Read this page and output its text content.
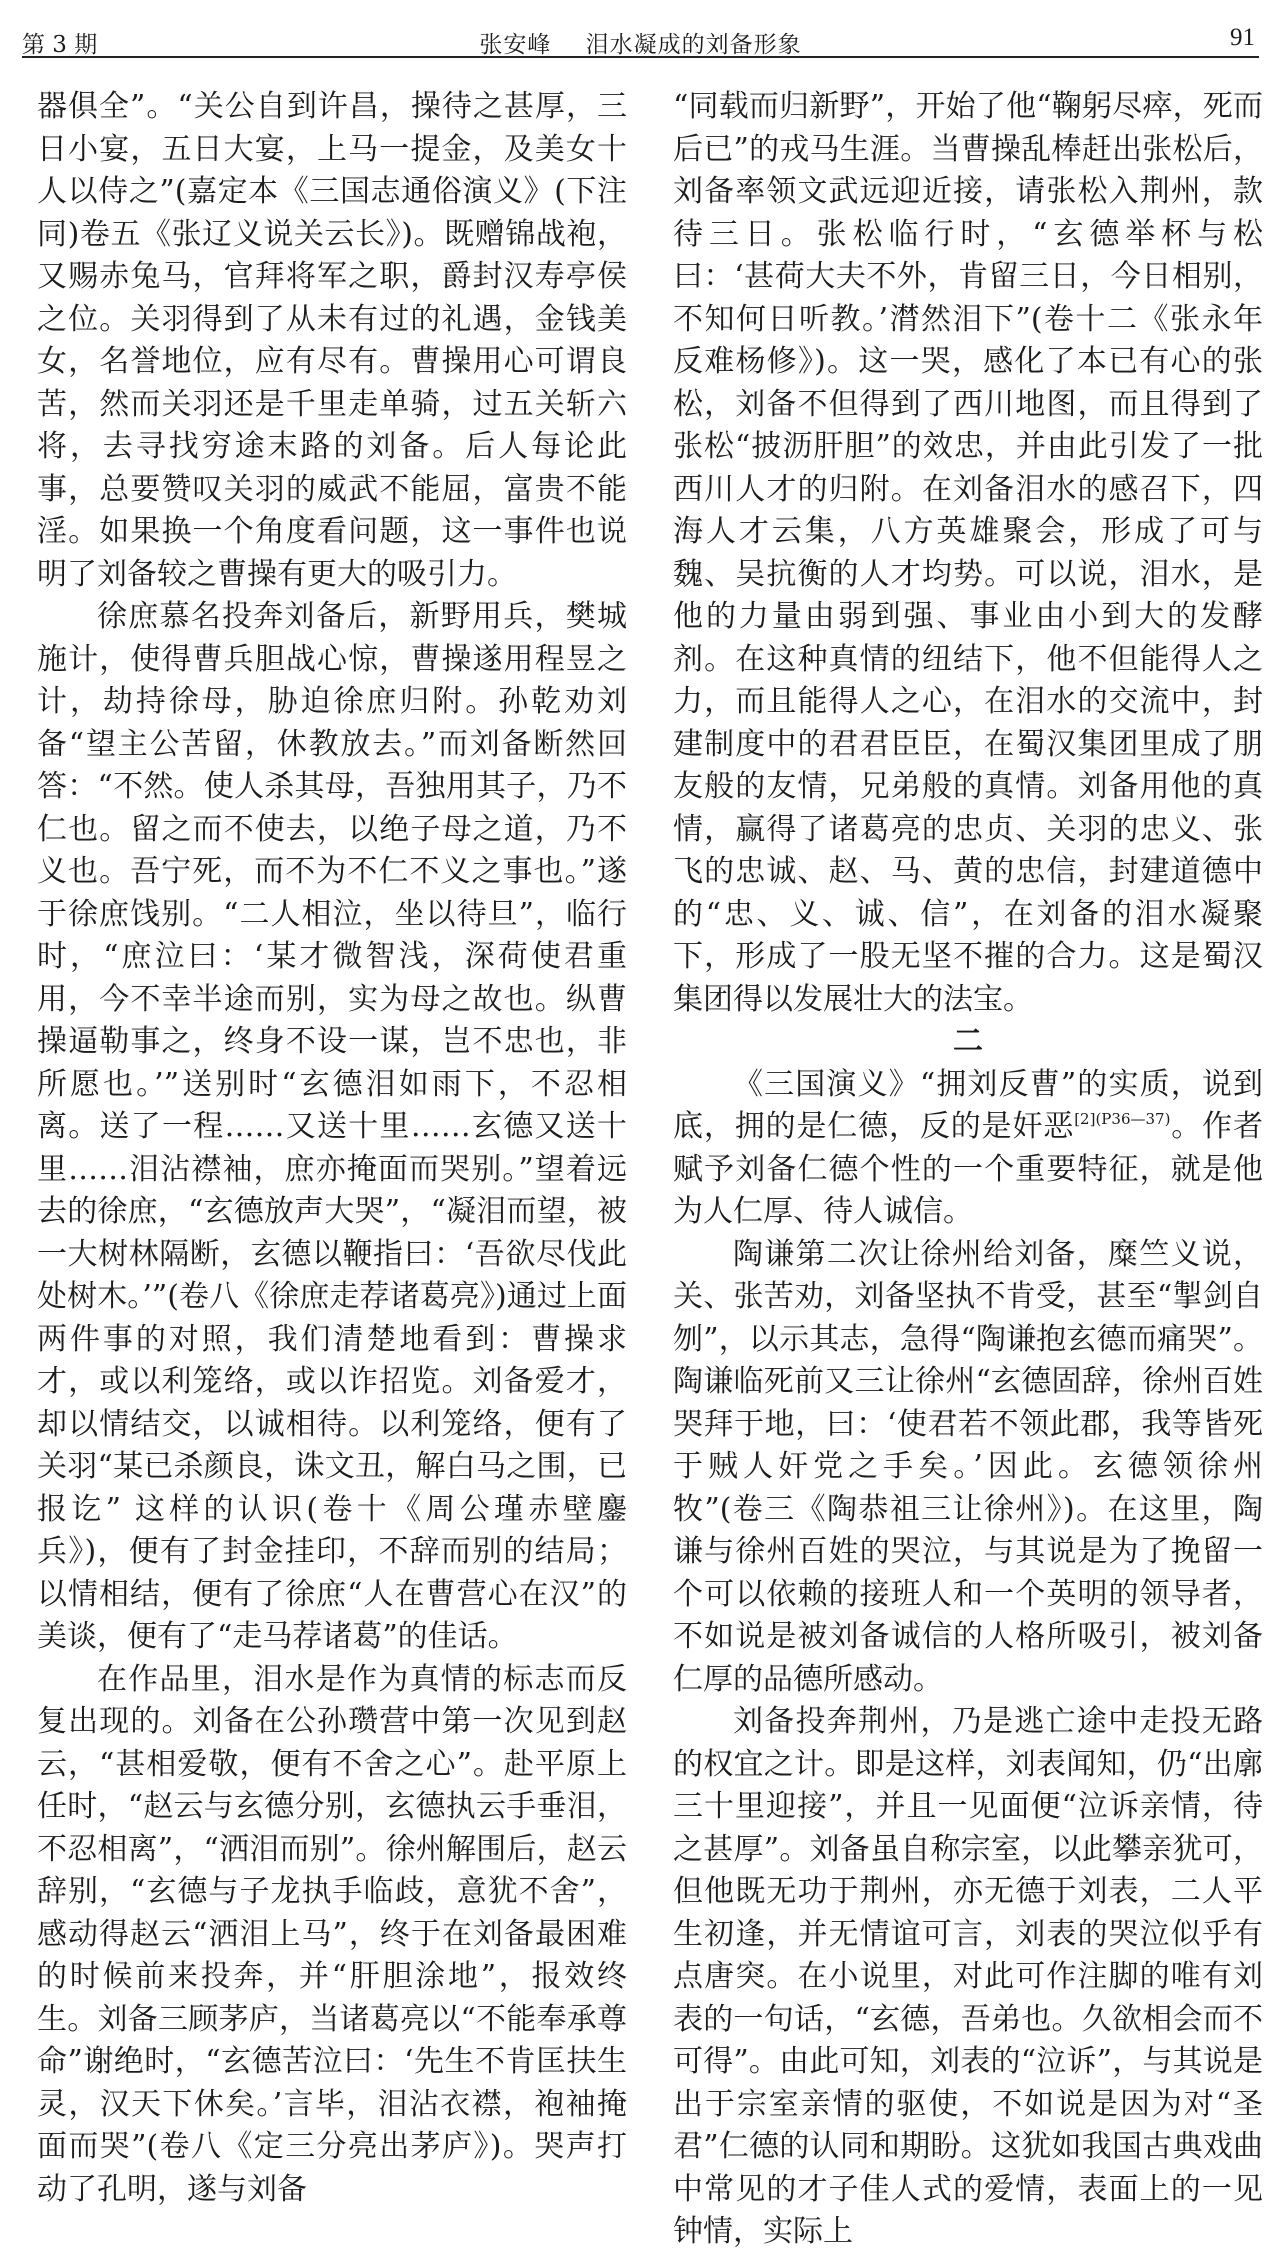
第 3 期	张安峰 泪水凝成的刘备形象	91

器俱全”。“关公自到许昌，操待之甚厚，三日小宴，五日大宴，上马一提金，及美女十人以侍之”(嘉定本《三国志通俗演义》(下注同)卷五《张辽义说关云长》)。既赠锦战袍，又赐赤兔马，官拜将军之职，爵封汉寿亭侯之位。关羽得到了从未有过的礼遇，金钱美女，名誉地位，应有尽有。曹操用心可谓良苦，然而关羽还是千里走单骑，过五关斩六将，去寻找穷途末路的刘备。后人每论此事，总要赞叹关羽的威武不能屈，富贵不能淫。如果换一个角度看问题，这一事件也说明了刘备较之曹操有更大的吸引力。

徐庶慕名投奔刘备后，新野用兵，樊城施计，使得曹兵胆战心惊，曹操遂用程昱之计，劫持徐母，胁迫徐庶归附。孙乾劝刘备“望主公苦留，休教放去。”而刘备断然回答：“不然。使人杀其母，吾独用其子，乃不仁也。留之而不使去，以绝子母之道，乃不义也。吾宁死，而不为不仁不义之事也。”遂于徐庶饯别。“二人相泣，坐以待旦”，临行时，“庶泣曰：‘某才微智浅，深荷使君重用，今不幸半途而别，实为母之故也。纵曹操逼勒事之，终身不设一谋，岂不忠也，非所愿也。’”送别时“玄德泪如雨下，不忍相离。送了一程……又送十里……玄德又送十里……泪沾襟袖，庶亦掩面而哭别。”望着远去的徐庶，“玄德放声大哭”，“凝泪而望，被一大树林隔断，玄德以鞭指曰：‘吾欲尽伐此处树木。’”(卷八《徐庶走荐诸葛亮》)通过上面两件事的对照，我们清楚地看到：曹操求才，或以利笼络，或以诈招览。刘备爱才，却以情结交，以诚相待。以利笼络，便有了关羽“某已杀颜良，诛文丑，解白马之围，已报讫” 这样的认识(卷十《周公瑾赤壁鏖兵》)，便有了封金挂印，不辞而别的结局；以情相结，便有了徐庶“人在曹营心在汉”的美谈，便有了“走马荐诸葛”的佳话。

在作品里，泪水是作为真情的标志而反复出现的。刘备在公孙瓒营中第一次见到赵云，“甚相爱敬，便有不舍之心”。赴平原上任时，“赵云与玄德分别，玄德执云手垂泪，不忍相离”，“洒泪而别”。徐州解围后，赵云辞别，“玄德与子龙执手临歧，意犹不舍”，感动得赵云“洒泪上马”，终于在刘备最困难的时候前来投奔，并“肝胆涂地”，报效终生。刘备三顾茅庐，当诸葛亮以“不能奉承尊命”谢绝时，“玄德苦泣曰：‘先生不肯匡扶生灵，汉天下休矣。’言毕，泪沾衣襟，袍袖掩面而哭”(卷八《定三分亮出茅庐》)。哭声打动了孔明，遂与刘备

“同载而归新野”，开始了他“鞠躬尽瘁，死而后已”的戎马生涯。当曹操乱棒赶出张松后，刘备率领文武远迎近接，请张松入荆州，款待三日。张松临行时，“玄德举杯与松曰：‘甚荷大夫不外，肯留三日，今日相别，不知何日听教。’潸然泪下”(卷十二《张永年反难杨修》)。这一哭，感化了本已有心的张松，刘备不但得到了西川地图，而且得到了张松“披沥肝胆”的效忠，并由此引发了一批西川人才的归附。在刘备泪水的感召下，四海人才云集，八方英雄聚会，形成了可与魏、吴抗衡的人才均势。可以说，泪水，是他的力量由弱到强、事业由小到大的发酵剂。在这种真情的纽结下，他不但能得人之力，而且能得人之心，在泪水的交流中，封建制度中的君君臣臣，在蜀汉集团里成了朋友般的友情，兄弟般的真情。刘备用他的真情，赢得了诸葛亮的忠贞、关羽的忠义、张飞的忠诚、赵、马、黄的忠信，封建道德中的“忠、义、诚、信”，在刘备的泪水凝聚下，形成了一股无坚不摧的合力。这是蜀汉集团得以发展壮大的法宝。

二

《三国演义》“拥刘反曹”的实质，说到底，拥的是仁德，反的是奸恶$^{[2](P36—37)}$。作者赋予刘备仁德个性的一个重要特征，就是他为人仁厚、待人诚信。

陶谦第二次让徐州给刘备，糜竺义说，关、张苦劝，刘备坚执不肯受，甚至“掣剑自刎”，以示其志，急得“陶谦抱玄德而痛哭”。陶谦临死前又三让徐州“玄德固辞，徐州百姓哭拜于地，曰：‘使君若不领此郡，我等皆死于贼人奸党之手矣。’因此。玄德领徐州牧”(卷三《陶恭祖三让徐州》)。在这里，陶谦与徐州百姓的哭泣，与其说是为了挽留一个可以依赖的接班人和一个英明的领导者，不如说是被刘备诚信的人格所吸引，被刘备仁厚的品德所感动。

刘备投奔荆州，乃是逃亡途中走投无路的权宜之计。即是这样，刘表闻知，仍“出廓三十里迎接”，并且一见面便“泣诉亲情，待之甚厚”。刘备虽自称宗室，以此攀亲犹可，但他既无功于荆州，亦无德于刘表，二人平生初逢，并无情谊可言，刘表的哭泣似乎有点唐突。在小说里，对此可作注脚的唯有刘表的一句话，“玄德，吾弟也。久欲相会而不可得”。由此可知，刘表的“泣诉”，与其说是出于宗室亲情的驱使，不如说是因为对“圣君”仁德的认同和期盼。这犹如我国古典戏曲中常见的才子佳人式的爱情，表面上的一见钟情，实际上
